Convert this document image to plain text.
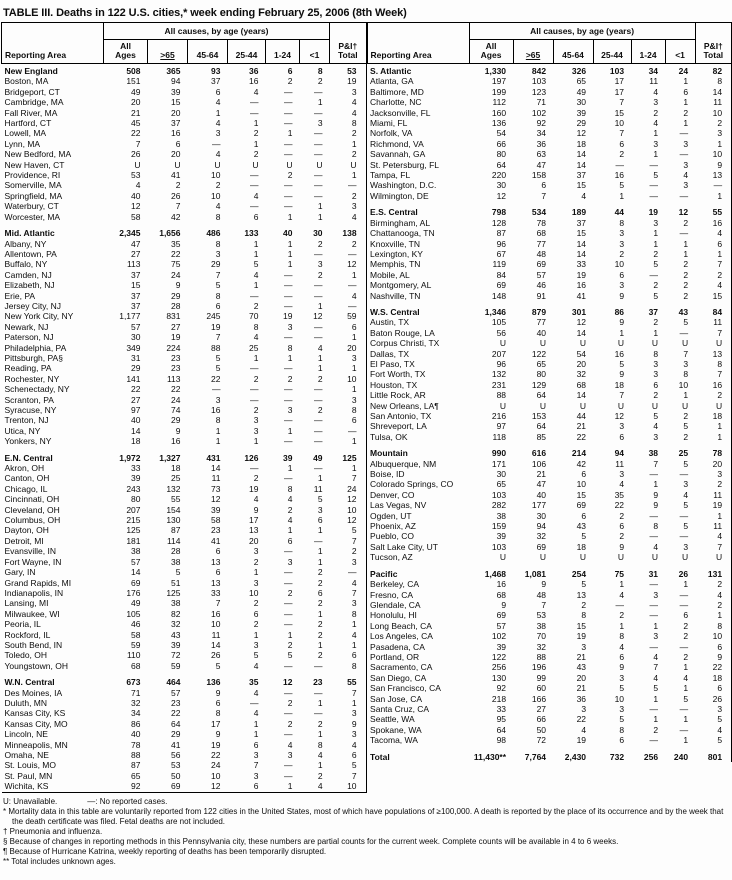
TABLE III. Deaths in 122 U.S. cities,* week ending February 25, 2006 (8th Week)
	All causes, by age (years)						
Reporting Area	All
Ages	>65	45-64	25-44	1-24	<1	P&I†
Total
New England	508	365	93	36	6	8	53
Boston, MA	151	94	37	16	2	2	19
Bridgeport, CT	49	39	6	4	—	—	3
Cambridge, MA	20	15	4	—	—	1	4
Fall River, MA	21	20	1	—	—	—	4
Hartford, CT	45	37	4	1	—	3	8
Lowell, MA	22	16	3	2	1	—	2
Lynn, MA	7	6	—	1	—	—	1
New Bedford, MA	26	20	4	2	—	—	2
New Haven, CT	U	U	U	U	U	U	U
Providence, RI	53	41	10	—	2	—	1
Somerville, MA	4	2	2	—	—	—	—
Springfield, MA	40	26	10	4	—	—	2
Waterbury, CT	12	7	4	—	—	1	3
Worcester, MA	58	42	8	6	1	1	4

Mid. Atlantic	2,345	1,656	486	133	40	30	138
Albany, NY	47	35	8	1	1	2	2
Allentown, PA	27	22	3	1	1	—	—
Buffalo, NY	113	75	29	5	1	3	12
Camden, NJ	37	24	7	4	—	2	1
Elizabeth, NJ	15	9	5	1	—	—	—
Erie, PA	37	29	8	—	—	—	4
Jersey City, NJ	37	28	6	2	—	1	—
New York City, NY	1,177	831	245	70	19	12	59
Newark, NJ	57	27	19	8	3	—	6
Paterson, NJ	30	19	7	4	—	—	1
Philadelphia, PA	349	224	88	25	8	4	20
Pittsburgh, PA§	31	23	5	1	1	1	3
Reading, PA	29	23	5	—	—	1	1
Rochester, NY	141	113	22	2	2	2	10
Schenectady, NY	22	22	—	—	—	—	1
Scranton, PA	27	24	3	—	—	—	3
Syracuse, NY	97	74	16	2	3	2	8
Trenton, NJ	40	29	8	3	—	—	6
Utica, NY	14	9	1	3	1	—	—
Yonkers, NY	18	16	1	1	—	—	1

E.N. Central	1,972	1,327	431	126	39	49	125
Akron, OH	33	18	14	—	1	—	1
Canton, OH	39	25	11	2	—	1	7
Chicago, IL	243	132	73	19	8	11	24
Cincinnati, OH	80	55	12	4	4	5	12
Cleveland, OH	207	154	39	9	2	3	10
Columbus, OH	215	130	58	17	4	6	12
Dayton, OH	125	87	23	13	1	1	5
Detroit, MI	181	114	41	20	6	—	7
Evansville, IN	38	28	6	3	—	1	2
Fort Wayne, IN	57	38	13	2	3	1	3
Gary, IN	14	5	6	1	—	2	—
Grand Rapids, MI	69	51	13	3	—	2	4
Indianapolis, IN	176	125	33	10	2	6	7
Lansing, MI	49	38	7	2	—	2	3
Milwaukee, WI	105	82	16	6	—	1	8
Peoria, IL	46	32	10	2	—	2	1
Rockford, IL	58	43	11	1	1	2	4
South Bend, IN	59	39	14	3	2	1	1
Toledo, OH	110	72	26	5	5	2	6
Youngstown, OH	68	59	5	4	—	—	8

W.N. Central	673	464	136	35	12	23	55
Des Moines, IA	71	57	9	4	—	—	7
Duluth, MN	32	23	6	—	2	1	1
Kansas City, KS	34	22	8	4	—	—	3
Kansas City, MO	86	64	17	1	2	2	9
Lincoln, NE	40	29	9	1	—	1	3
Minneapolis, MN	78	41	19	6	4	8	4
Omaha, NE	88	56	22	3	3	4	6
St. Louis, MO	87	53	24	7	—	1	5
St. Paul, MN	65	50	10	3	—	2	7
Wichita, KS	92	69	12	6	1	4	10
	All causes, by age (years)						
Reporting Area	All
Ages	>65	45-64	25-44	1-24	<1	P&I†
Total
S. Atlantic	1,330	842	326	103	34	24	82
Atlanta, GA	197	103	65	17	11	1	8
Baltimore, MD	199	123	49	17	4	6	14
Charlotte, NC	112	71	30	7	3	1	11
Jacksonville, FL	160	102	39	15	2	2	10
Miami, FL	136	92	29	10	4	1	2
Norfolk, VA	54	34	12	7	1	—	3
Richmond, VA	66	36	18	6	3	3	1
Savannah, GA	80	63	14	2	1	—	10
St. Petersburg, FL	64	47	14	—	—	3	9
Tampa, FL	220	158	37	16	5	4	13
Washington, D.C.	30	6	15	5	—	3	—
Wilmington, DE	12	7	4	1	—	—	1

E.S. Central	798	534	189	44	19	12	55
Birmingham, AL	128	78	37	8	3	2	16
Chattanooga, TN	87	68	15	3	1	—	4
Knoxville, TN	96	77	14	3	1	1	6
Lexington, KY	67	48	14	2	2	1	1
Memphis, TN	119	69	33	10	5	2	7
Mobile, AL	84	57	19	6	—	2	2
Montgomery, AL	69	46	16	3	2	2	4
Nashville, TN	148	91	41	9	5	2	15

W.S. Central	1,346	879	301	86	37	43	84
Austin, TX	105	77	12	9	2	5	11
Baton Rouge, LA	56	40	14	1	1	—	7
Corpus Christi, TX	U	U	U	U	U	U	U
Dallas, TX	207	122	54	16	8	7	13
El Paso, TX	96	65	20	5	3	3	8
Fort Worth, TX	132	80	32	9	3	8	7
Houston, TX	231	129	68	18	6	10	16
Little Rock, AR	88	64	14	7	2	1	2
New Orleans, LA¶	U	U	U	U	U	U	U
San Antonio, TX	216	153	44	12	5	2	18
Shreveport, LA	97	64	21	3	4	5	1
Tulsa, OK	118	85	22	6	3	2	1

Mountain	990	616	214	94	38	25	78
Albuquerque, NM	171	106	42	11	7	5	20
Boise, ID	30	21	6	3	—	—	3
Colorado Springs, CO	65	47	10	4	1	3	2
Denver, CO	103	40	15	35	9	4	11
Las Vegas, NV	282	177	69	22	9	5	19
Ogden, UT	38	30	6	2	—	—	1
Phoenix, AZ	159	94	43	6	8	5	11
Pueblo, CO	39	32	5	2	—	—	4
Salt Lake City, UT	103	69	18	9	4	3	7
Tucson, AZ	U	U	U	U	U	U	U

Pacific	1,468	1,081	254	75	31	26	131
Berkeley, CA	16	9	5	1	—	1	2
Fresno, CA	68	48	13	4	3	—	4
Glendale, CA	9	7	2	—	—	—	2
Honolulu, HI	69	53	8	2	—	6	1
Long Beach, CA	57	38	15	1	1	2	8
Los Angeles, CA	102	70	19	8	3	2	10
Pasadena, CA	39	32	3	4	—	—	6
Portland, OR	122	88	21	6	4	2	9
Sacramento, CA	256	196	43	9	7	1	22
San Diego, CA	130	99	20	3	4	4	18
San Francisco, CA	92	60	21	5	5	1	6
San Jose, CA	218	166	36	10	1	5	26
Santa Cruz, CA	33	27	3	3	—	—	3
Seattle, WA	95	66	22	5	1	1	5
Spokane, WA	64	50	4	8	2	—	4
Tacoma, WA	98	72	19	6	—	1	5

Total	11,430**	7,764	2,430	732	256	240	801
U: Unavailable.	—: No reported cases.
* Mortality data in this table are voluntarily reported from 122 cities in the United States, most of which have populations of ≥100,000. A death is reported by the place of its occurrence and by the week that the death certificate was filed. Fetal deaths are not included.
† Pneumonia and influenza.
§ Because of changes in reporting methods in this Pennsylvania city, these numbers are partial counts for the current week. Complete counts will be available in 4 to 6 weeks.
¶ Because of Hurricane Katrina, weekly reporting of deaths has been temporarily disrupted.
** Total includes unknown ages.
